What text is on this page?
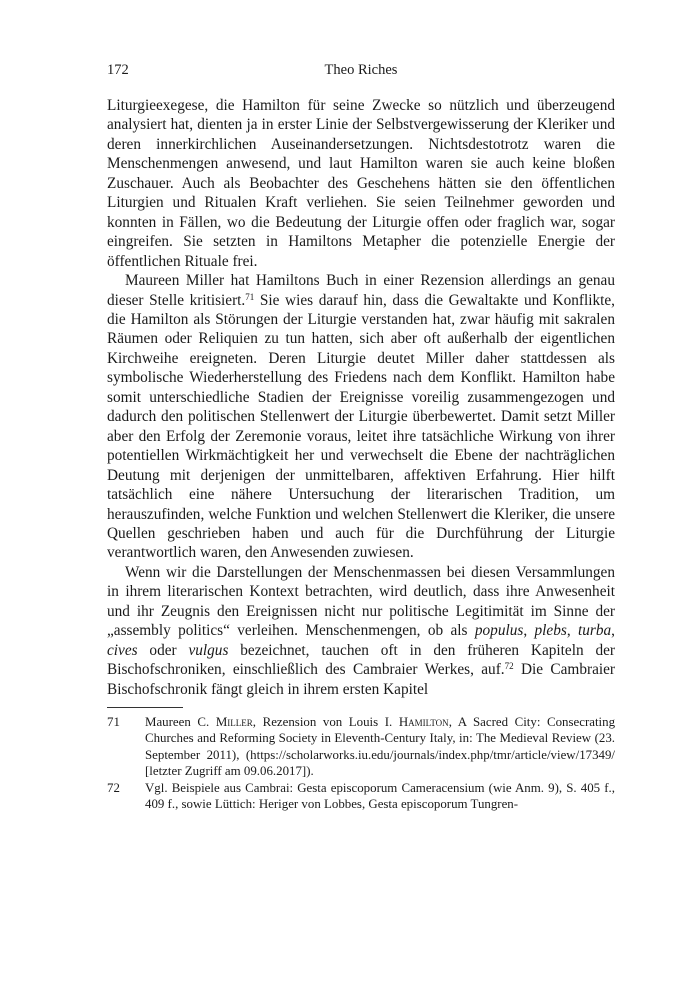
172	Theo Riches

Liturgieexegese, die Hamilton für seine Zwecke so nützlich und überzeugend analysiert hat, dienten ja in erster Linie der Selbstvergewisserung der Kleriker und deren innerkirchlichen Auseinandersetzungen. Nichtsdestotrotz waren die Menschenmengen anwesend, und laut Hamilton waren sie auch keine bloßen Zuschauer. Auch als Beobachter des Geschehens hätten sie den öffentlichen Liturgien und Ritualen Kraft verliehen. Sie seien Teilnehmer geworden und konnten in Fällen, wo die Bedeutung der Liturgie offen oder fraglich war, sogar eingreifen. Sie setzten in Hamiltons Metapher die potenzielle Energie der öffentlichen Rituale frei.

Maureen Miller hat Hamiltons Buch in einer Rezension allerdings an genau dieser Stelle kritisiert.$^{71}$ Sie wies darauf hin, dass die Gewaltakte und Konflikte, die Hamilton als Störungen der Liturgie verstanden hat, zwar häufig mit sakralen Räumen oder Reliquien zu tun hatten, sich aber oft außerhalb der eigentlichen Kirchweihe ereigneten. Deren Liturgie deutet Miller daher stattdessen als symbolische Wiederherstellung des Friedens nach dem Konflikt. Hamilton habe somit unterschiedliche Stadien der Ereignisse voreilig zusammengezogen und dadurch den politischen Stellenwert der Liturgie überbewertet. Damit setzt Miller aber den Erfolg der Zeremonie voraus, leitet ihre tatsächliche Wirkung von ihrer potentiellen Wirkmächtigkeit her und verwechselt die Ebene der nachträglichen Deutung mit derjenigen der unmittelbaren, affektiven Erfahrung. Hier hilft tatsächlich eine nähere Untersuchung der literarischen Tradition, um herauszufinden, welche Funktion und welchen Stellenwert die Kleriker, die unsere Quellen geschrieben haben und auch für die Durchführung der Liturgie verantwortlich waren, den Anwesenden zuwiesen.

Wenn wir die Darstellungen der Menschenmassen bei diesen Versammlungen in ihrem literarischen Kontext betrachten, wird deutlich, dass ihre Anwesenheit und ihr Zeugnis den Ereignissen nicht nur politische Legitimität im Sinne der „assembly politics“ verleihen. Menschenmengen, ob als populus, plebs, turba, cives oder vulgus bezeichnet, tauchen oft in den früheren Kapiteln der Bischofschroniken, einschließlich des Cambraier Werkes, auf.$^{72}$ Die Cambraier Bischofschronik fängt gleich in ihrem ersten Kapitel

71 Maureen C. Miller, Rezension von Louis I. Hamilton, A Sacred City: Consecrating Churches and Reforming Society in Eleventh-Century Italy, in: The Medieval Review (23. September 2011), (https://scholarworks.iu.edu/journals/index.​php/tmr/article/view/17349/ [letzter Zugriff am 09.06.2017]).
72 Vgl. Beispiele aus Cambrai: Gesta episcoporum Cameracensium (wie Anm. 9), S. 405 f., 409 f., sowie Lüttich: Heriger von Lobbes, Gesta episcoporum Tungren-
